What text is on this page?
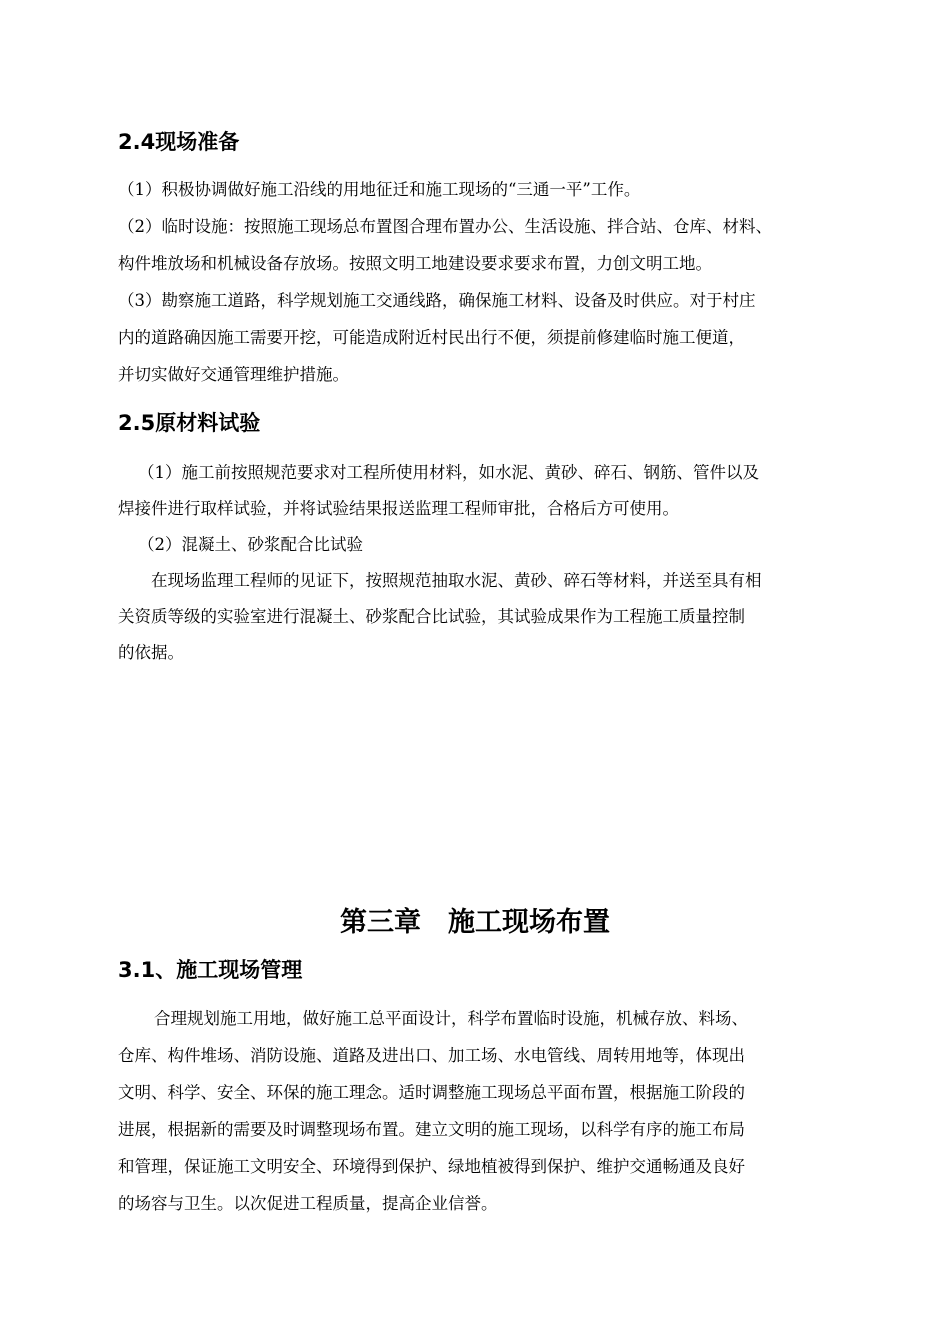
2.4现场准备
（1）积极协调做好施工沿线的用地征迁和施工现场的“三通一平”工作。
（2）临时设施：按照施工现场总布置图合理布置办公、生活设施、拌合站、仓库、材料、
构件堆放场和机械设备存放场。按照文明工地建设要求要求布置，力创文明工地。
（3）勘察施工道路，科学规划施工交通线路，确保施工材料、设备及时供应。对于村庄
内的道路确因施工需要开挖，可能造成附近村民出行不便，须提前修建临时施工便道，
并切实做好交通管理维护措施。
2.5原材料试验
（1）施工前按照规范要求对工程所使用材料，如水泥、黄砂、碎石、钢筋、管件以及
焊接件进行取样试验，并将试验结果报送监理工程师审批，合格后方可使用。
（2）混凝土、砂浆配合比试验
在现场监理工程师的见证下，按照规范抽取水泥、黄砂、碎石等材料，并送至具有相
关资质等级的实验室进行混凝土、砂浆配合比试验，其试验成果作为工程施工质量控制
的依据。
第三章　施工现场布置
3.1、施工现场管理
合理规划施工用地，做好施工总平面设计，科学布置临时设施，机械存放、料场、
仓库、构件堆场、消防设施、道路及进出口、加工场、水电管线、周转用地等，体现出
文明、科学、安全、环保的施工理念。适时调整施工现场总平面布置，根据施工阶段的
进展，根据新的需要及时调整现场布置。建立文明的施工现场，以科学有序的施工布局
和管理，保证施工文明安全、环境得到保护、绿地植被得到保护、维护交通畅通及良好
的场容与卫生。以次促进工程质量，提高企业信誉。
